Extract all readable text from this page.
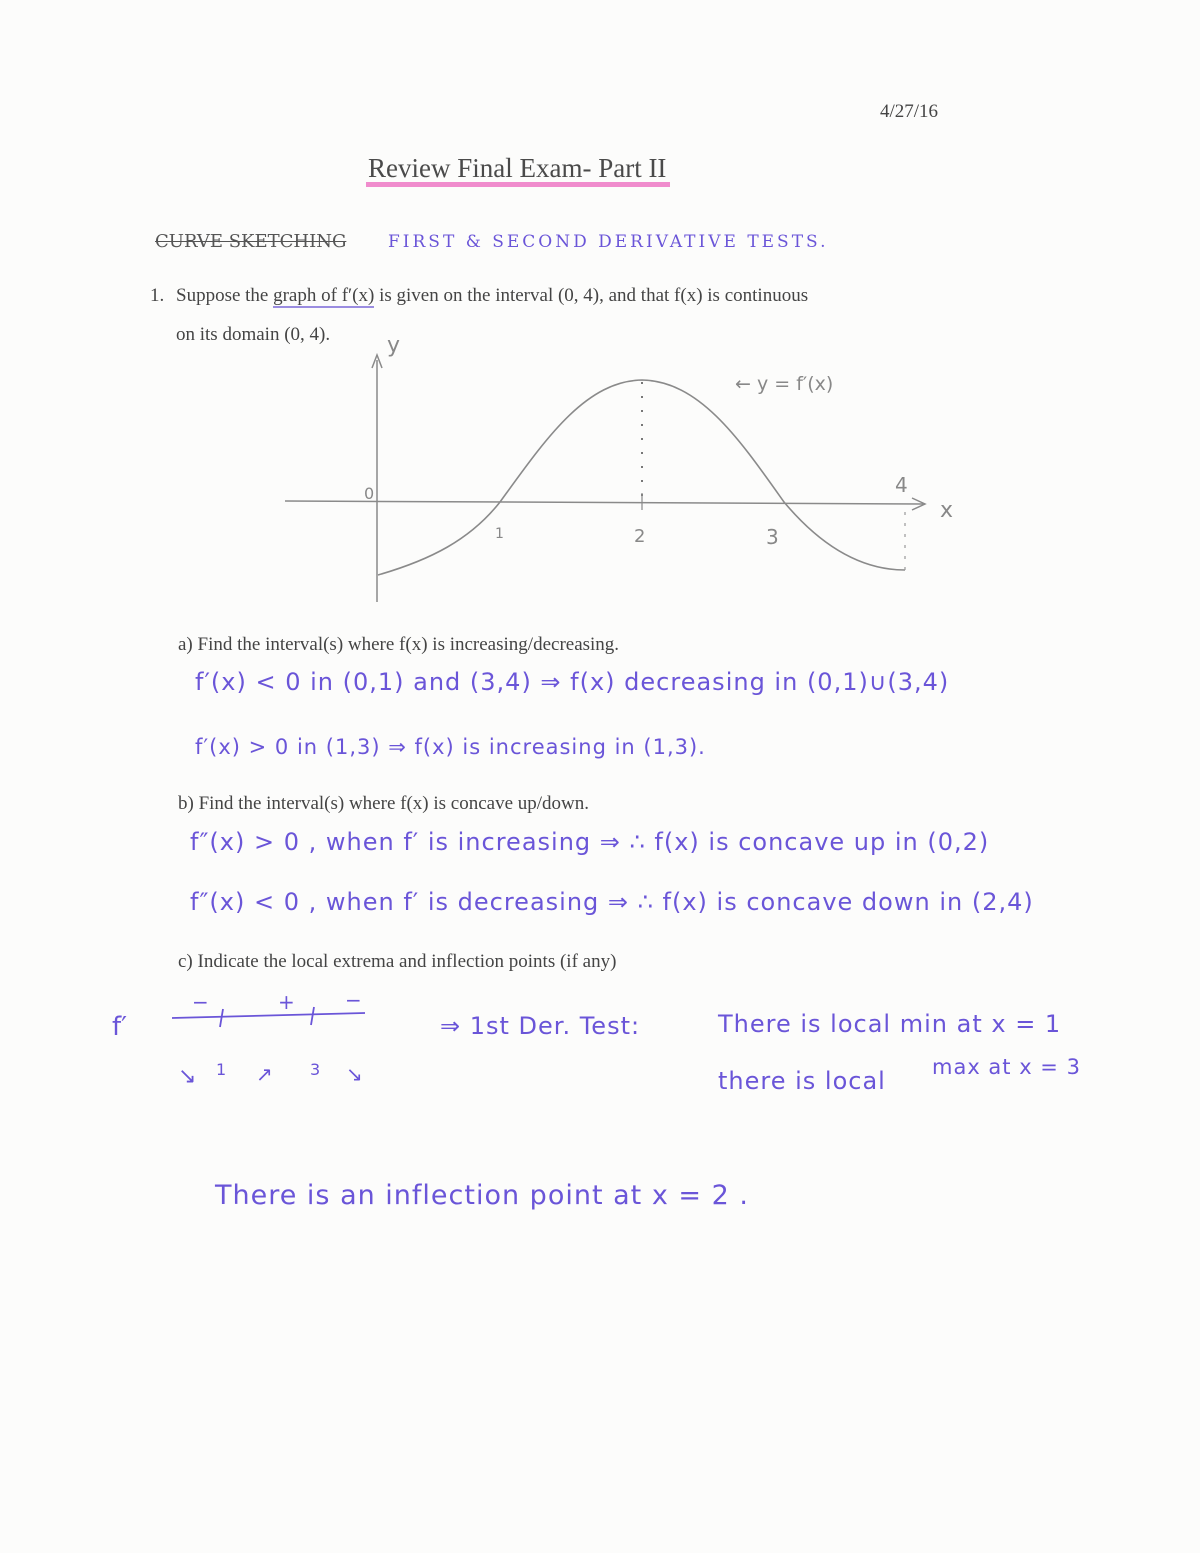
4/27/16
Review Final Exam- Part II
CURVE SKETCHING FIRST & SECOND DERIVATIVE TESTS.
1. Suppose the graph of f′(x) is given on the interval (0, 4), and that f(x) is continuous
on its domain (0, 4).	y
x
0
1	2	3
4
← y = f′(x)
a) Find the interval(s) where f(x) is increasing/decreasing.
f′(x) < 0 in (0,1) and (3,4) ⇒ f(x) decreasing in (0,1)∪(3,4)
f′(x) > 0 in (1,3) ⇒ f(x) is increasing in (1,3).
b) Find the interval(s) where f(x) is concave up/down.
f″(x) > 0 , when f′ is increasing ⇒ ∴ f(x) is concave up in (0,2)
f″(x) < 0 , when f′ is decreasing ⇒ ∴ f(x) is concave down in (2,4)
c) Indicate the local extrema and inflection points (if any)
f′
−	+	−
↘ 1 ↗ 3 ↘
⇒ 1st Der. Test:	There is local min at x = 1
there is local max at x = 3
There is an inflection point at x = 2 .
